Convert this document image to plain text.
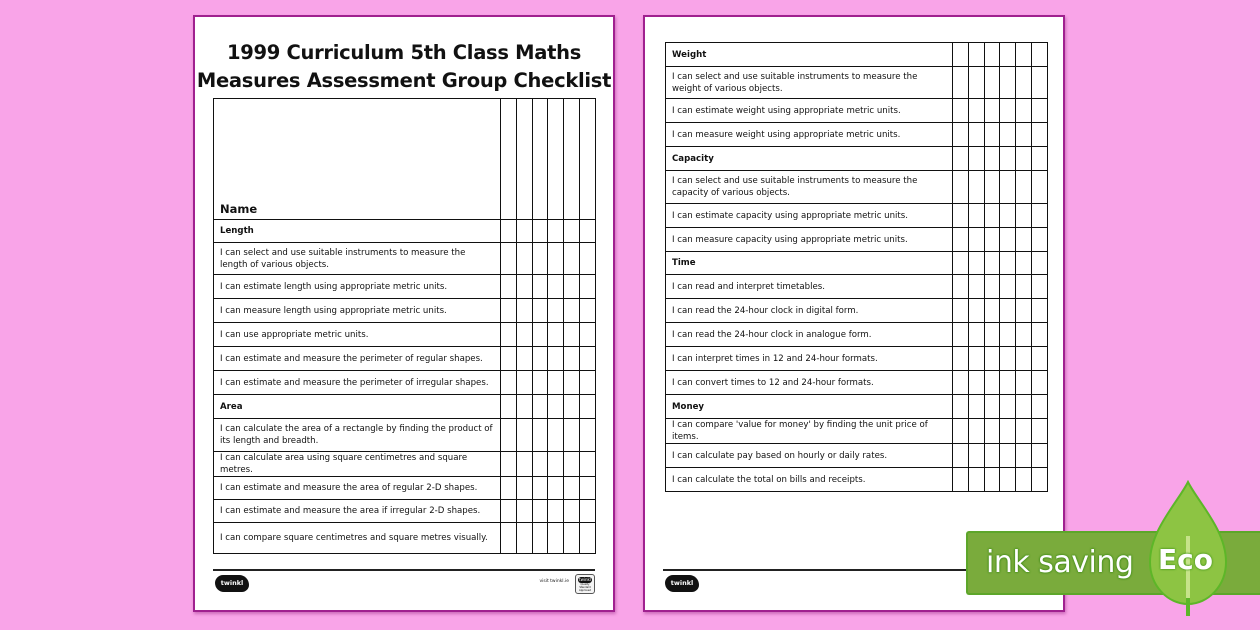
1999 Curriculum 5th Class Maths
Measures Assessment Group Checklist
Name						
Length						
I can select and use suitable instruments to measure the length of various objects.						
I can estimate length using appropriate metric units.						
I can measure length using appropriate metric units.						
I can use appropriate metric units.						
I can estimate and measure the perimeter of regular shapes.						
I can estimate and measure the perimeter of irregular shapes.						
Area						
I can calculate the area of a rectangle by finding the product of its length and breadth.						
I can calculate area using square centimetres and square metres.						
I can estimate and measure the area of regular 2-D shapes.						
I can estimate and measure the area if irregular 2-D shapes.						
I can compare square centimetres and square metres visually.						
twinkl	visit twinkl.ie	twinkl
Quality Standard Approved
Weight						
I can select and use suitable instruments to measure the weight of various objects.						
I can estimate weight using appropriate metric units.						
I can measure weight using appropriate metric units.						
Capacity						
I can select and use suitable instruments to measure the capacity of various objects.						
I can estimate capacity using appropriate metric units.						
I can measure capacity using appropriate metric units.						
Time						
I can read and interpret timetables.						
I can read the 24-hour clock in digital form.						
I can read the 24-hour clock in analogue form.						
I can interpret times in 12 and 24-hour formats.						
I can convert times to 12 and 24-hour formats.						
Money						
I can compare 'value for money' by finding the unit price of items.						
I can calculate pay based on hourly or daily rates.						
I can calculate the total on bills and receipts.						
twinkl
ink saving Eco
